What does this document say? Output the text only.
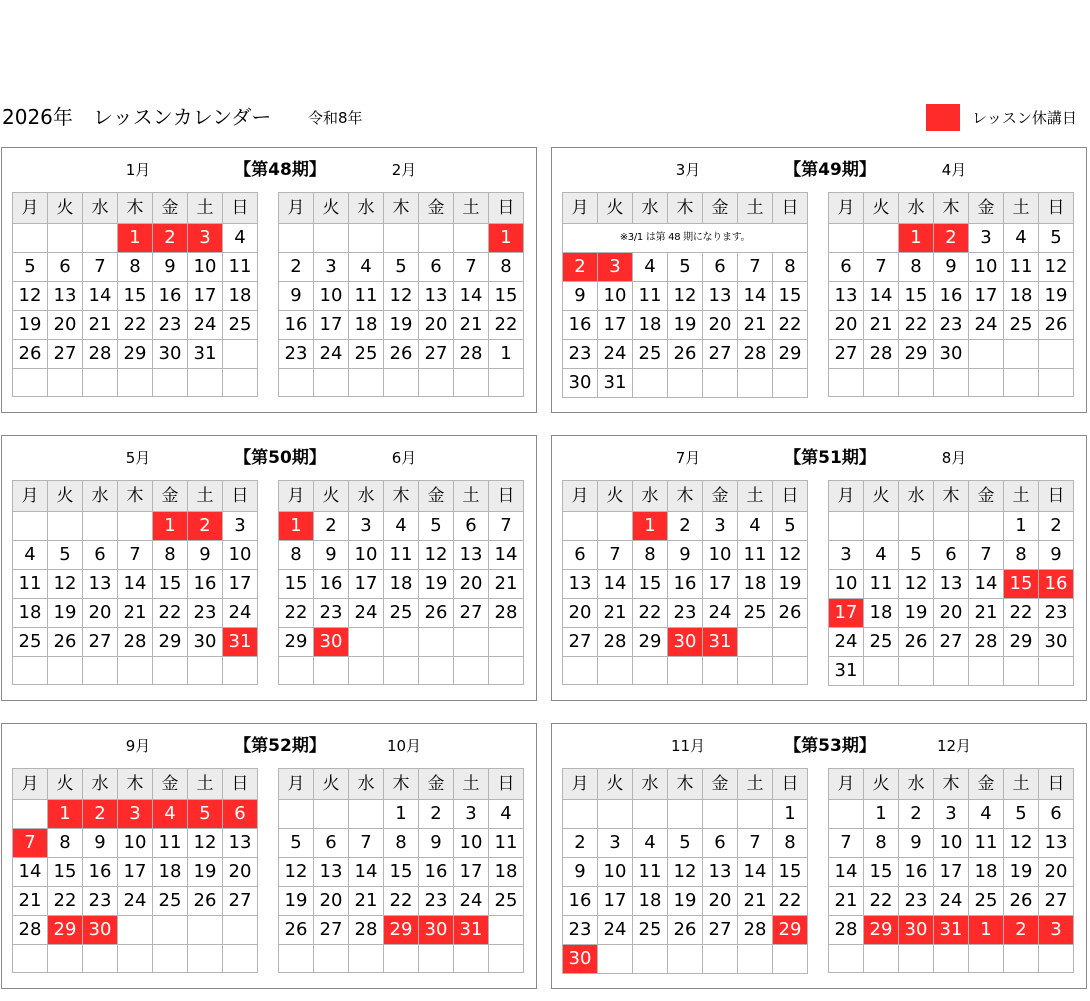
2026年　レッスンカレンダー 令和8年	レッスン休講日
1月	【第48期】	2月
月	火	水	木	金	土	日
			1	2	3	4
5	6	7	8	9	10	11
12	13	14	15	16	17	18
19	20	21	22	23	24	25
26	27	28	29	30	31	

月	火	水	木	金	土	日
						1
2	3	4	5	6	7	8
9	10	11	12	13	14	15
16	17	18	19	20	21	22
23	24	25	26	27	28	1

3月	【第49期】	4月
月	火	水	木	金	土	日
※3/1 は第 48 期になります。						
2	3	4	5	6	7	8
9	10	11	12	13	14	15
16	17	18	19	20	21	22
23	24	25	26	27	28	29
30	31					
月	火	水	木	金	土	日
		1	2	3	4	5
6	7	8	9	10	11	12
13	14	15	16	17	18	19
20	21	22	23	24	25	26
27	28	29	30			

5月	【第50期】	6月
月	火	水	木	金	土	日
				1	2	3
4	5	6	7	8	9	10
11	12	13	14	15	16	17
18	19	20	21	22	23	24
25	26	27	28	29	30	31

月	火	水	木	金	土	日
1	2	3	4	5	6	7
8	9	10	11	12	13	14
15	16	17	18	19	20	21
22	23	24	25	26	27	28
29	30					

7月	【第51期】	8月
月	火	水	木	金	土	日
		1	2	3	4	5
6	7	8	9	10	11	12
13	14	15	16	17	18	19
20	21	22	23	24	25	26
27	28	29	30	31		

月	火	水	木	金	土	日
					1	2
3	4	5	6	7	8	9
10	11	12	13	14	15	16
17	18	19	20	21	22	23
24	25	26	27	28	29	30
31						
9月	【第52期】	10月
月	火	水	木	金	土	日
	1	2	3	4	5	6
7	8	9	10	11	12	13
14	15	16	17	18	19	20
21	22	23	24	25	26	27
28	29	30				

月	火	水	木	金	土	日
			1	2	3	4
5	6	7	8	9	10	11
12	13	14	15	16	17	18
19	20	21	22	23	24	25
26	27	28	29	30	31	

11月	【第53期】	12月
月	火	水	木	金	土	日
						1
2	3	4	5	6	7	8
9	10	11	12	13	14	15
16	17	18	19	20	21	22
23	24	25	26	27	28	29
30						
月	火	水	木	金	土	日
	1	2	3	4	5	6
7	8	9	10	11	12	13
14	15	16	17	18	19	20
21	22	23	24	25	26	27
28	29	30	31	1	2	3
